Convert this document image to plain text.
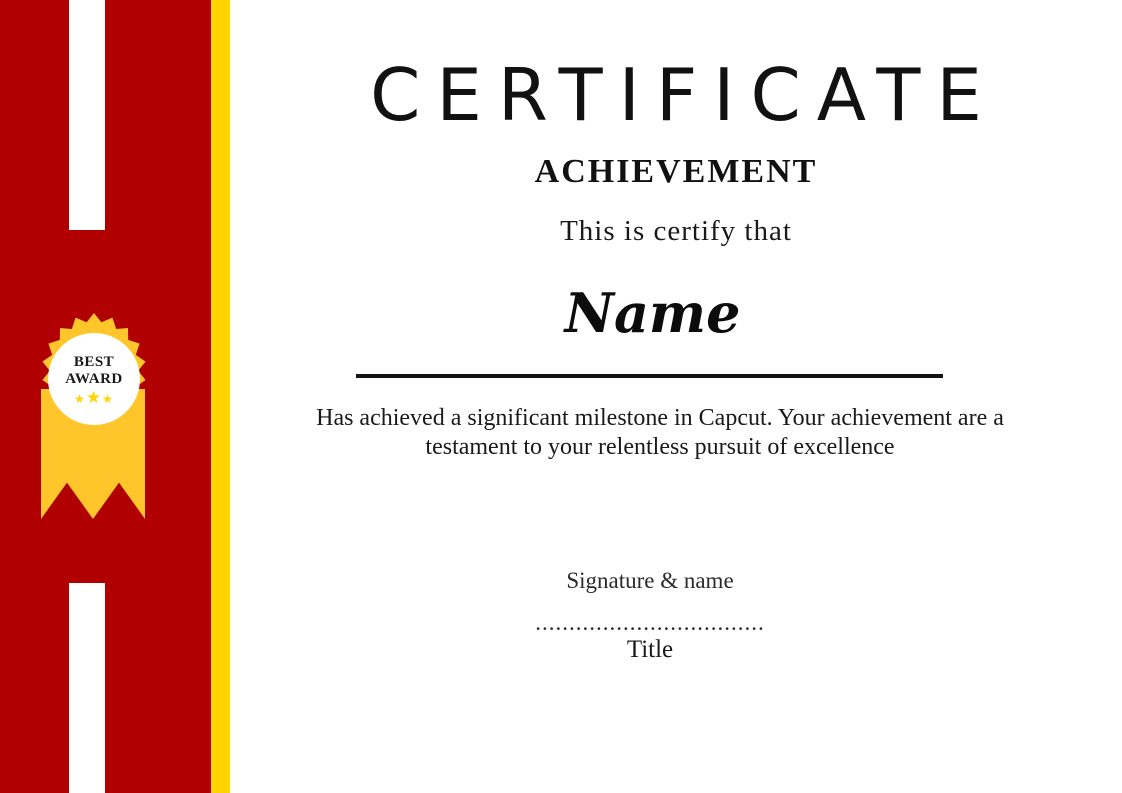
BEST
AWARD
★★★
CERTIFICATE
ACHIEVEMENT
This is certify that
Name
Has achieved a significant milestone in Capcut. Your achievement are a testament to your relentless pursuit of excellence
Signature & name
..................................
Title
